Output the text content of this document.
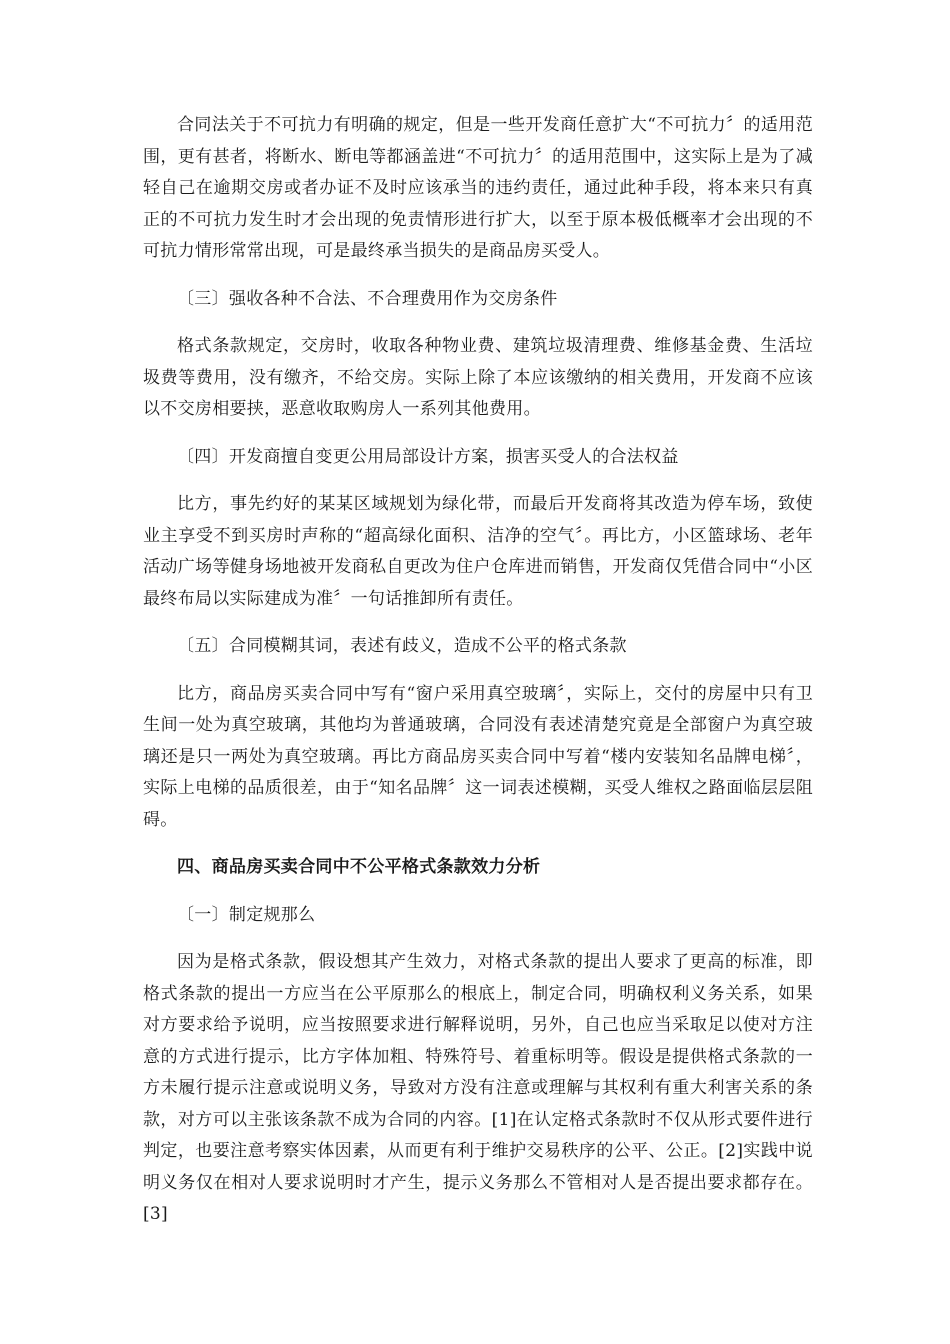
合同法关于不可抗力有明确的规定，但是一些开发商任意扩大“不可抗力〞的适用范围，更有甚者，将断水、断电等都涵盖进“不可抗力〞的适用范围中，这实际上是为了减轻自己在逾期交房或者办证不及时应该承当的违约责任，通过此种手段，将本来只有真正的不可抗力发生时才会出现的免责情形进行扩大，以至于原本极低概率才会出现的不可抗力情形常常出现，可是最终承当损失的是商品房买受人。

〔三〕强收各种不合法、不合理费用作为交房条件

格式条款规定，交房时，收取各种物业费、建筑垃圾清理费、维修基金费、生活垃圾费等费用，没有缴齐，不给交房。实际上除了本应该缴纳的相关费用，开发商不应该以不交房相要挟，恶意收取购房人一系列其他费用。

〔四〕开发商擅自变更公用局部设计方案，损害买受人的合法权益

比方，事先约好的某某区域规划为绿化带，而最后开发商将其改造为停车场，致使业主享受不到买房时声称的“超高绿化面积、洁净的空气〞。再比方，小区篮球场、老年活动广场等健身场地被开发商私自更改为住户仓库进而销售，开发商仅凭借合同中“小区最终布局以实际建成为准〞一句话推卸所有责任。

〔五〕合同模糊其词，表述有歧义，造成不公平的格式条款

比方，商品房买卖合同中写有“窗户采用真空玻璃〞，实际上，交付的房屋中只有卫生间一处为真空玻璃，其他均为普通玻璃，合同没有表述清楚究竟是全部窗户为真空玻璃还是只一两处为真空玻璃。再比方商品房买卖合同中写着“楼内安装知名品牌电梯〞，实际上电梯的品质很差，由于“知名品牌〞这一词表述模糊，买受人维权之路面临层层阻碍。

四、商品房买卖合同中不公平格式条款效力分析

〔一〕制定规那么

因为是格式条款，假设想其产生效力，对格式条款的提出人要求了更高的标准，即格式条款的提出一方应当在公平原那么的根底上，制定合同，明确权利义务关系，如果对方要求给予说明，应当按照要求进行解释说明，另外，自己也应当采取足以使对方注意的方式进行提示，比方字体加粗、特殊符号、着重标明等。假设是提供格式条款的一方未履行提示注意或说明义务，导致对方没有注意或理解与其权利有重大利害关系的条款，对方可以主张该条款不成为合同的内容。[1]在认定格式条款时不仅从形式要件进行判定，也要注意考察实体因素，从而更有利于维护交易秩序的公平、公正。[2]实践中说明义务仅在相对人要求说明时才产生，提示义务那么不管相对人是否提出要求都存在。[3]
